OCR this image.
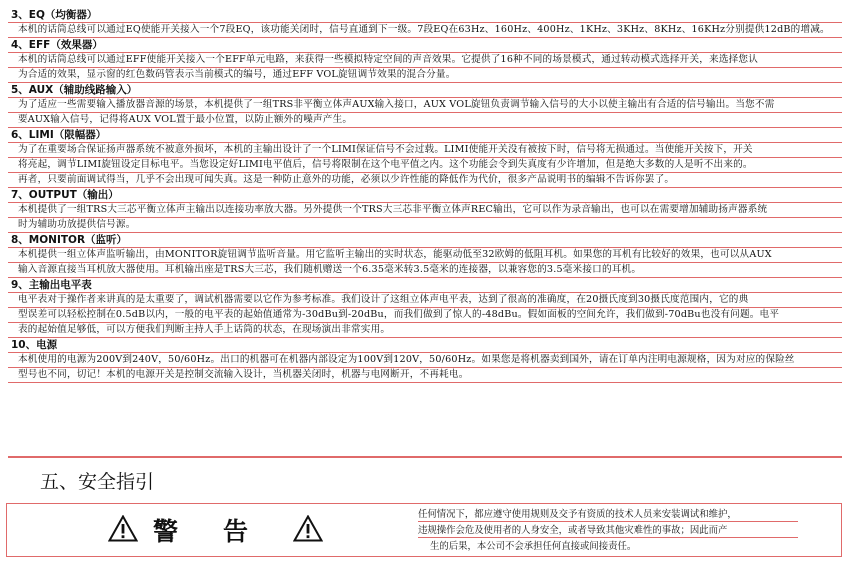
3、EQ（均衡器）
本机的话筒总线可以通过EQ使能开关接入一个7段EQ，该功能关闭时，信号直通到下一级。7段EQ在63Hz、160Hz、400Hz、1KHz、3KHz、8KHz、16KHz分别提供12dB的增减。
4、EFF（效果器）
本机的话筒总线可以通过EFF使能开关接入一个EFF单元电路，来获得一些模拟特定空间的声音效果。它提供了16种不同的场景模式，通过转动模式选择开关，来选择您认
为合适的效果，显示窗的红色数码管表示当前模式的编号，通过EFF VOL旋钮调节效果的混合分量。
5、AUX（辅助线路输入）
为了适应一些需要输入播放器音源的场景，本机提供了一组TRS非平衡立体声AUX输入接口，AUX VOL旋钮负责调节输入信号的大小以使主输出有合适的信号输出。当您不需
要AUX输入信号，记得将AUX VOL置于最小位置，以防止额外的噪声产生。
6、LIMI（限幅器）
为了在重要场合保证扬声器系统不被意外损坏，本机的主输出设计了一个LIMI保证信号不会过载。LIMI使能开关没有被按下时，信号将无损通过。当使能开关按下，开关
将亮起，调节LIMI旋钮设定目标电平。当您设定好LIMI电平值后，信号将限制在这个电平值之内。这个功能会令到失真度有少许增加，但是绝大多数的人是听不出来的。
再者，只要前面调试得当，几乎不会出现可闻失真。这是一种防止意外的功能，必须以少许性能的降低作为代价，很多产品说明书的编辑不告诉你罢了。
7、OUTPUT（输出）
本机提供了一组TRS大三芯平衡立体声主输出以连接功率放大器。另外提供一个TRS大三芯非平衡立体声REC输出，它可以作为录音输出，也可以在需要增加辅助扬声器系统
时为辅助功放提供信号源。
8、MONITOR（监听）
本机提供一组立体声监听输出，由MONITOR旋钮调节监听音量。用它监听主输出的实时状态，能驱动低至32欧姆的低阻耳机。如果您的耳机有比较好的效果，也可以从AUX
输入音源直接当耳机放大器使用。耳机输出座是TRS大三芯，我们随机赠送一个6.35毫米转3.5毫米的连接器，以兼容您的3.5毫米接口的耳机。
9、主输出电平表
电平表对于操作者来讲真的是太重要了，调试机器需要以它作为参考标准。我们设计了这组立体声电平表，达到了很高的准确度，在20摄氏度到30摄氏度范围内，它的典
型误差可以轻松控制在0.5dB以内，一般的电平表的起始值通常为-30dBu到-20dBu，而我们做到了惊人的-48dBu。假如面板的空间允许，我们做到-70dBu也没有问题。电平
表的起始值足够低，可以方便我们判断主持人手上话筒的状态，在现场演出非常实用。
10、电源
本机使用的电源为200V到240V，50/60Hz。出口的机器可在机器内部设定为100V到120V，50/60Hz。如果您是将机器卖到国外，请在订单内注明电源规格，因为对应的保险丝
型号也不同，切记！本机的电源开关是控制交流输入设计，当机器关闭时，机器与电网断开，不再耗电。
五、安全指引
警 告
任何情况下，都应遵守使用规则及交予有资质的技术人员来安装调试和维护，
违规操作会危及使用者的人身安全，或者导致其他灾难性的事故；因此而产
生的后果，本公司不会承担任何直接或间接责任。
